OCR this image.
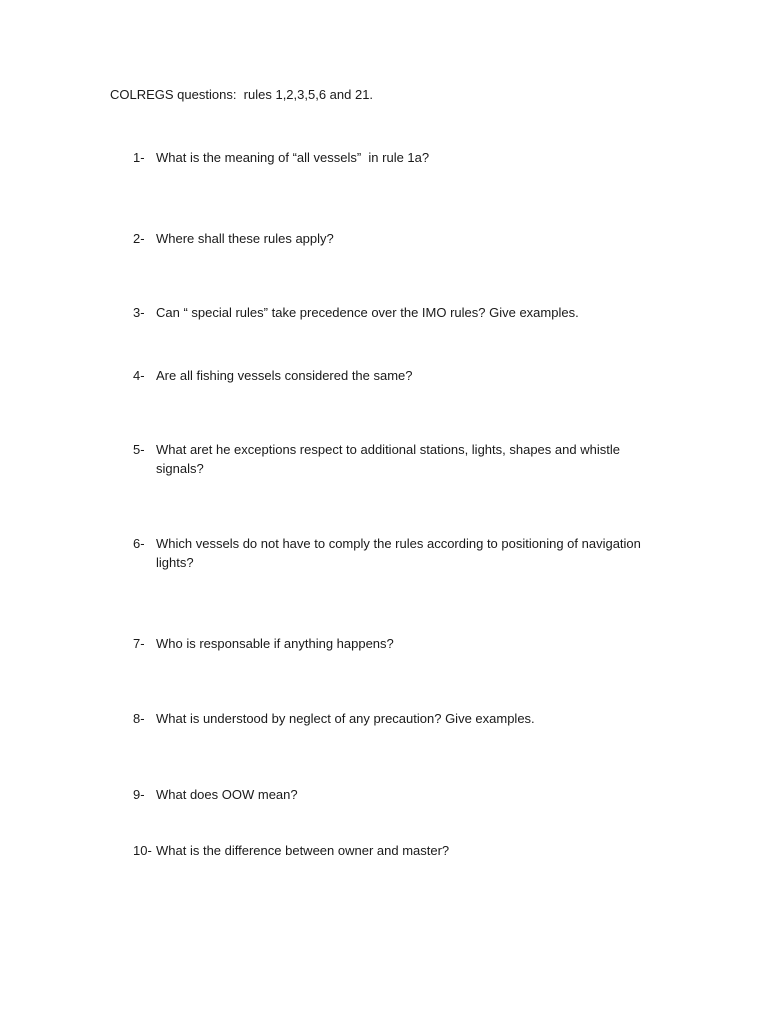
COLREGS questions:  rules 1,2,3,5,6 and 21.
1- What is the meaning of “all vessels”  in rule 1a?
2- Where shall these rules apply?
3- Can “ special rules” take precedence over the IMO rules? Give examples.
4- Are all fishing vessels considered the same?
5- What aret he exceptions respect to additional stations, lights, shapes and whistle signals?
6- Which vessels do not have to comply the rules according to positioning of navigation lights?
7- Who is responsable if anything happens?
8- What is understood by neglect of any precaution? Give examples.
9- What does OOW mean?
10- What is the difference between owner and master?
